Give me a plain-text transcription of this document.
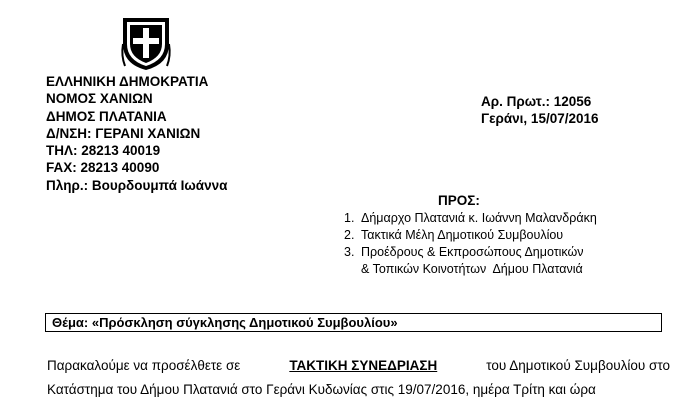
ΕΛΛΗΝΙΚΗ ΔΗΜΟΚΡΑΤΙΑ
ΝΟΜΟΣ ΧΑΝΙΩΝ
ΔΗΜΟΣ ΠΛΑΤΑΝΙΑ
Δ/ΝΣΗ: ΓΕΡΑΝΙ ΧΑΝΙΩΝ
ΤΗΛ: 28213 40019
FAX: 28213 40090
Πληρ.: Βουρδουμπά Ιωάννα
Αρ. Πρωτ.: 12056
Γεράνι, 15/07/2016
ΠΡΟΣ:
1. Δήμαρχο Πλατανιά κ. Ιωάννη Μαλανδράκη
2. Τακτικά Μέλη Δημοτικού Συμβουλίου
3. Προέδρους & Εκπροσώπους Δημοτικών
& Τοπικών Κοινοτήτων  Δήμου Πλατανιά
Θέμα: «Πρόσκληση σύγκλησης Δημοτικού Συμβουλίου»
Παρακαλούμε να προσέλθετε σε	ΤΑΚΤΙΚΗ ΣΥΝΕΔΡΙΑΣΗ	του Δημοτικού Συμβουλίου στο
Κατάστημα του Δήμου Πλατανιά στο Γεράνι Κυδωνίας στις 19/07/2016, ημέρα Τρίτη και ώρα
